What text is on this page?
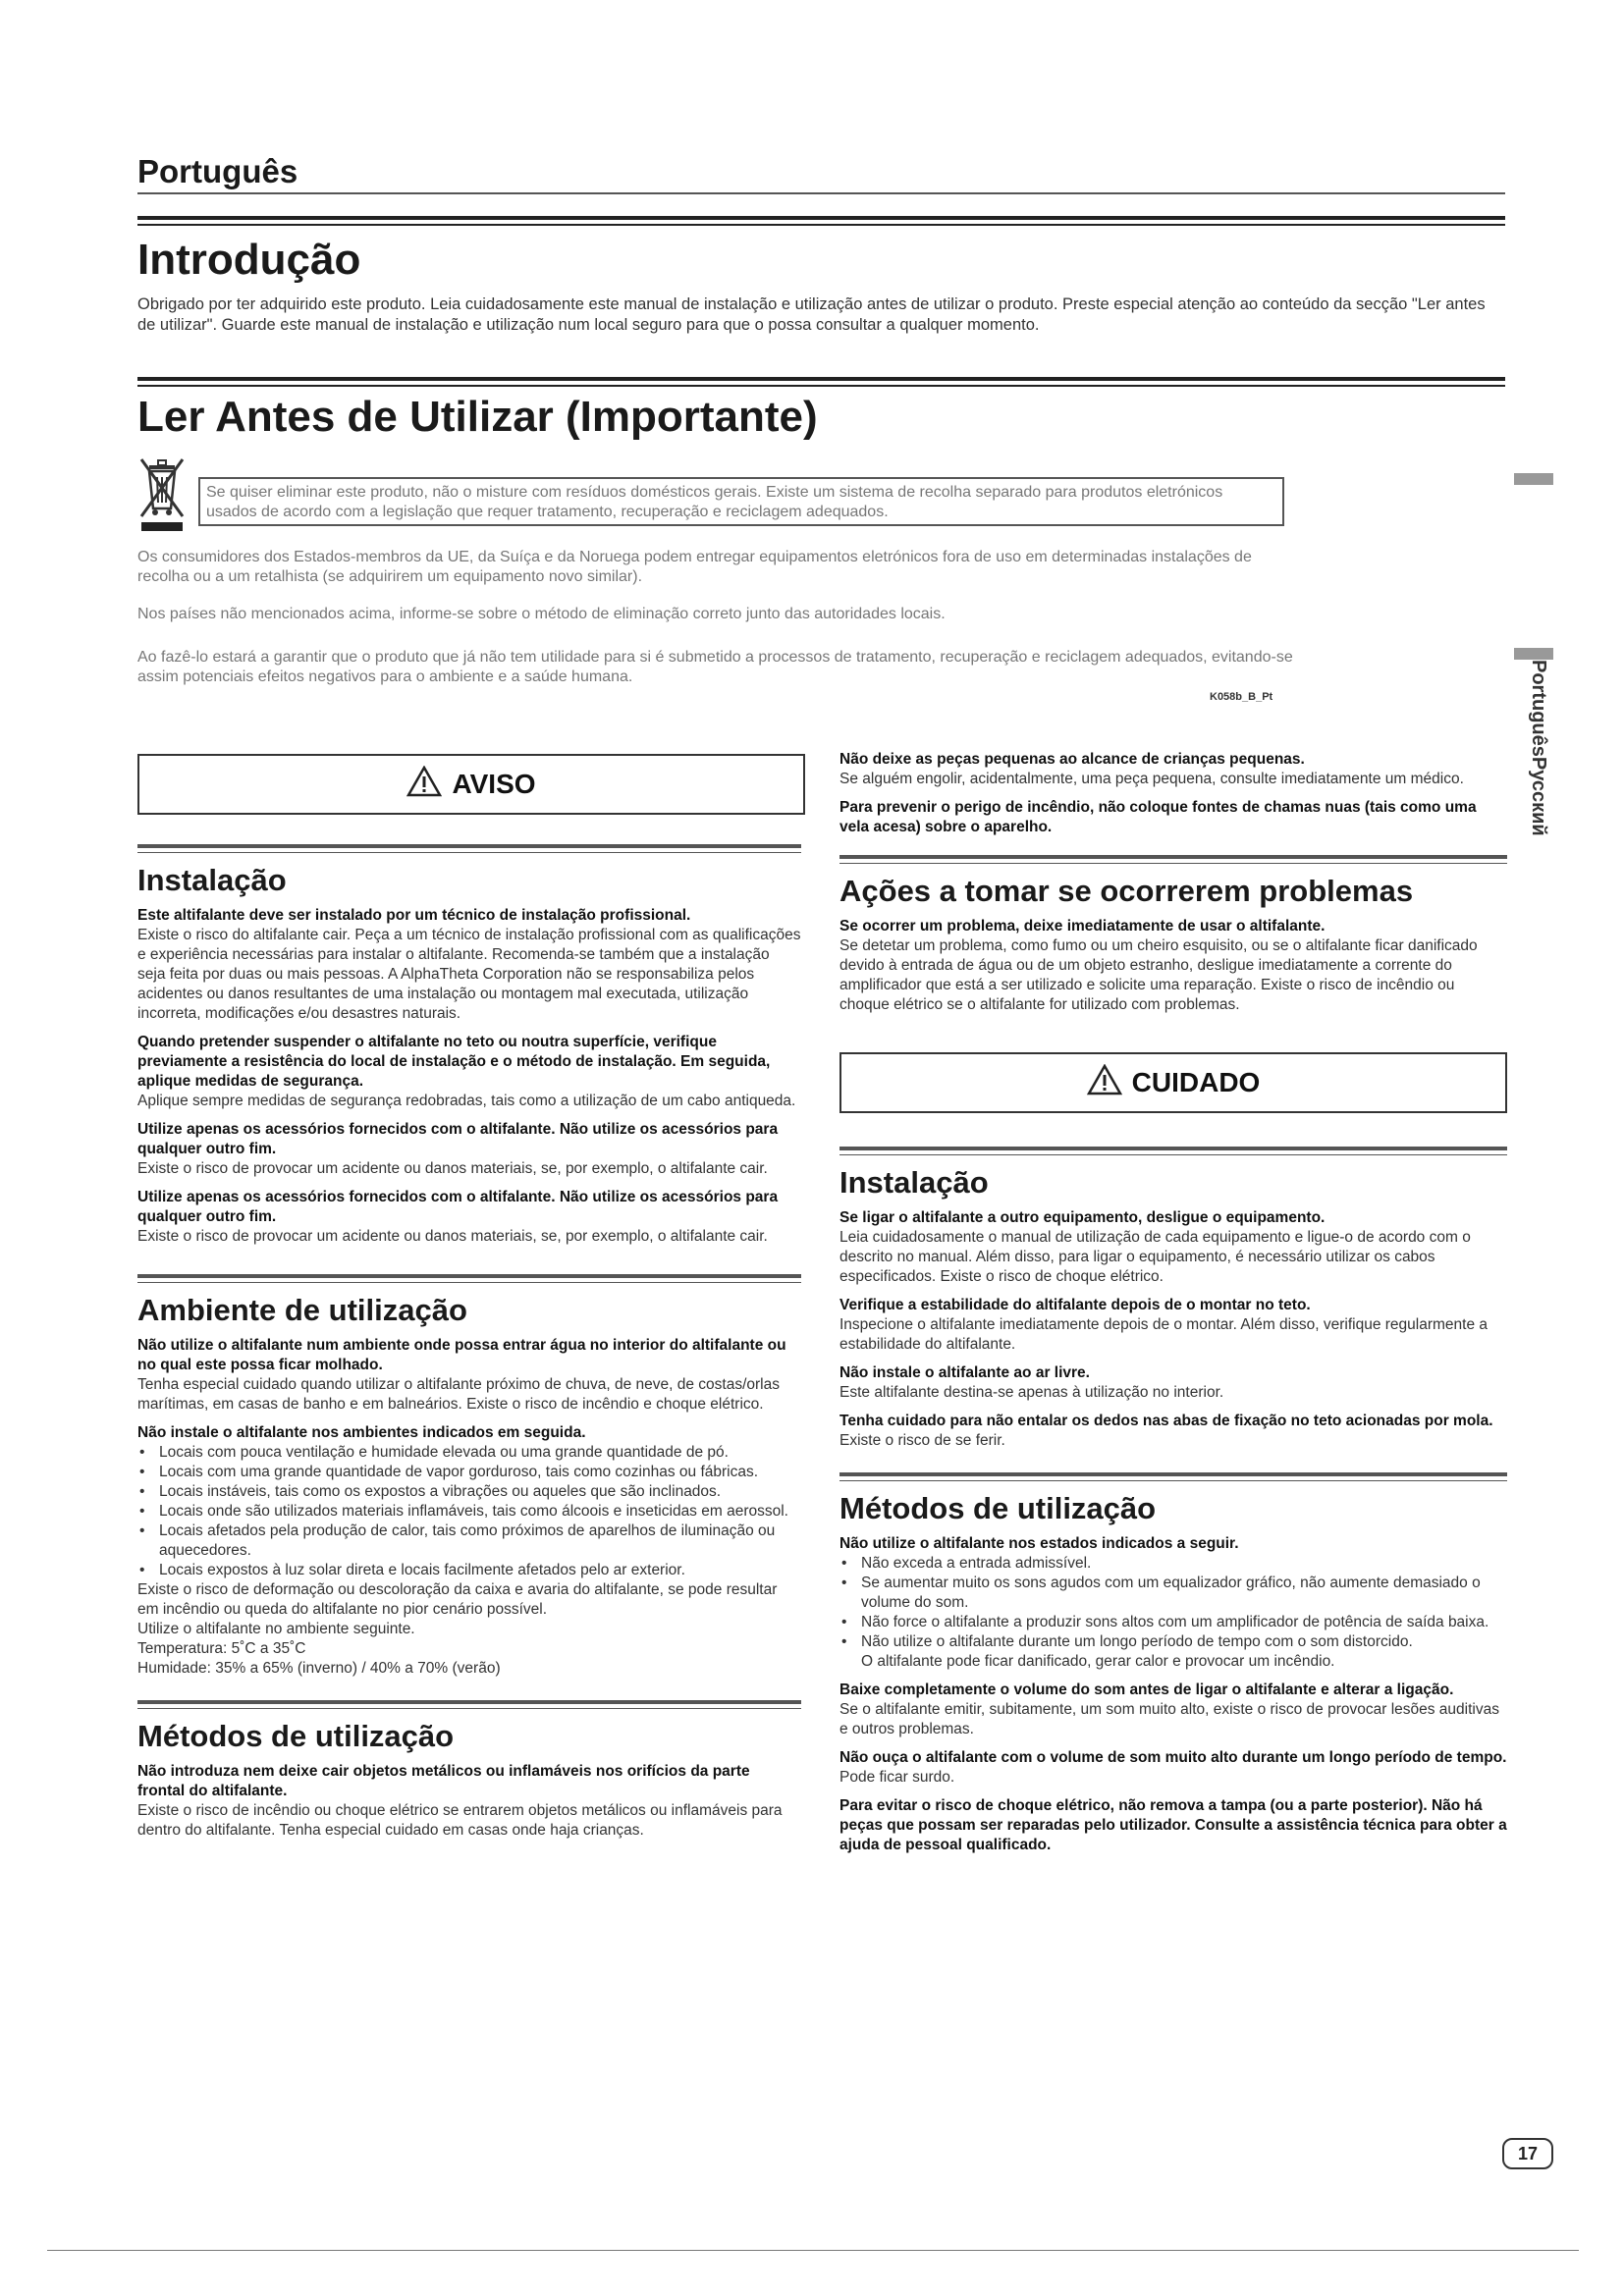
Português
Introdução
Obrigado por ter adquirido este produto. Leia cuidadosamente este manual de instalação e utilização antes de utilizar o produto. Preste especial atenção ao conteúdo da secção "Ler antes de utilizar". Guarde este manual de instalação e utilização num local seguro para que o possa consultar a qualquer momento.
Ler Antes de Utilizar (Importante)
Se quiser eliminar este produto, não o misture com resíduos domésticos gerais. Existe um sistema de recolha separado para produtos eletrónicos usados de acordo com a legislação que requer tratamento, recuperação e reciclagem adequados.
Os consumidores dos Estados-membros da UE, da Suíça e da Noruega podem entregar equipamentos eletrónicos fora de uso em determinadas instalações de recolha ou a um retalhista (se adquirirem um equipamento novo similar).
Nos países não mencionados acima, informe-se sobre o método de eliminação correto junto das autoridades locais.
Ao fazê-lo estará a garantir que o produto que já não tem utilidade para si é submetido a processos de tratamento, recuperação e reciclagem adequados, evitando-se assim potenciais efeitos negativos para o ambiente e a saúde humana.
K058b_B_Pt
AVISO
Instalação

Este altifalante deve ser instalado por um técnico de instalação profissional.

Existe o risco do altifalante cair. Peça a um técnico de instalação profissional com as qualificações e experiência necessárias para instalar o altifalante. Recomenda-se também que a instalação seja feita por duas ou mais pessoas. A AlphaTheta Corporation não se responsabiliza pelos acidentes ou danos resultantes de uma instalação ou montagem mal executada, utilização incorreta, modificações e/ou desastres naturais.

Quando pretender suspender o altifalante no teto ou noutra superfície, verifique previamente a resistência do local de instalação e o método de instalação. Em seguida, aplique medidas de segurança.

Aplique sempre medidas de segurança redobradas, tais como a utilização de um cabo antiqueda.

Utilize apenas os acessórios fornecidos com o altifalante. Não utilize os acessórios para qualquer outro fim.

Existe o risco de provocar um acidente ou danos materiais, se, por exemplo, o altifalante cair.

Utilize apenas os acessórios fornecidos com o altifalante. Não utilize os acessórios para qualquer outro fim.

Existe o risco de provocar um acidente ou danos materiais, se, por exemplo, o altifalante cair.

Ambiente de utilização

Não utilize o altifalante num ambiente onde possa entrar água no interior do altifalante ou no qual este possa ficar molhado.

Tenha especial cuidado quando utilizar o altifalante próximo de chuva, de neve, de costas/orlas marítimas, em casas de banho e em balneários. Existe o risco de incêndio e choque elétrico.

Não instale o altifalante nos ambientes indicados em seguida.

• Locais com pouca ventilação e humidade elevada ou uma grande quantidade de pó.
• Locais com uma grande quantidade de vapor gorduroso, tais como cozinhas ou fábricas.
• Locais instáveis, tais como os expostos a vibrações ou aqueles que são inclinados.
• Locais onde são utilizados materiais inflamáveis, tais como álcoois e inseticidas em aerossol.
• Locais afetados pela produção de calor, tais como próximos de aparelhos de iluminação ou aquecedores.
• Locais expostos à luz solar direta e locais facilmente afetados pelo ar exterior.

Existe o risco de deformação ou descoloração da caixa e avaria do altifalante, se pode resultar em incêndio ou queda do altifalante no pior cenário possível.

Utilize o altifalante no ambiente seguinte.

Temperatura: 5˚C a 35˚C

Humidade: 35% a 65% (inverno) / 40% a 70% (verão)

Métodos de utilização

Não introduza nem deixe cair objetos metálicos ou inflamáveis nos orifícios da parte frontal do altifalante.

Existe o risco de incêndio ou choque elétrico se entrarem objetos metálicos ou inflamáveis para dentro do altifalante. Tenha especial cuidado em casas onde haja crianças.

Não deixe as peças pequenas ao alcance de crianças pequenas.

Se alguém engolir, acidentalmente, uma peça pequena, consulte imediatamente um médico.

Para prevenir o perigo de incêndio, não coloque fontes de chamas nuas (tais como uma vela acesa) sobre o aparelho.

Ações a tomar se ocorrerem problemas

Se ocorrer um problema, deixe imediatamente de usar o altifalante.

Se detetar um problema, como fumo ou um cheiro esquisito, ou se o altifalante ficar danificado devido à entrada de água ou de um objeto estranho, desligue imediatamente a corrente do amplificador que está a ser utilizado e solicite uma reparação. Existe o risco de incêndio ou choque elétrico se o altifalante for utilizado com problemas.

CUIDADO
Instalação

Se ligar o altifalante a outro equipamento, desligue o equipamento.

Leia cuidadosamente o manual de utilização de cada equipamento e ligue-o de acordo com o descrito no manual. Além disso, para ligar o equipamento, é necessário utilizar os cabos especificados. Existe o risco de choque elétrico.

Verifique a estabilidade do altifalante depois de o montar no teto.

Inspecione o altifalante imediatamente depois de o montar. Além disso, verifique regularmente a estabilidade do altifalante.

Não instale o altifalante ao ar livre.

Este altifalante destina-se apenas à utilização no interior.

Tenha cuidado para não entalar os dedos nas abas de fixação no teto acionadas por mola.

Existe o risco de se ferir.

Métodos de utilização

Não utilize o altifalante nos estados indicados a seguir.

• Não exceda a entrada admissível.
• Se aumentar muito os sons agudos com um equalizador gráfico, não aumente demasiado o volume do som.
• Não force o altifalante a produzir sons altos com um amplificador de potência de saída baixa.
• Não utilize o altifalante durante um longo período de tempo com o som distorcido.

O altifalante pode ficar danificado, gerar calor e provocar um incêndio.

Baixe completamente o volume do som antes de ligar o altifalante e alterar a ligação.

Se o altifalante emitir, subitamente, um som muito alto, existe o risco de provocar lesões auditivas e outros problemas.

Não ouça o altifalante com o volume de som muito alto durante um longo período de tempo.

Pode ficar surdo.

Para evitar o risco de choque elétrico, não remova a tampa (ou a parte posterior). Não há peças que possam ser reparadas pelo utilizador. Consulte a assistência técnica para obter a ajuda de pessoal qualificado.

PortuguêsРусский
17
